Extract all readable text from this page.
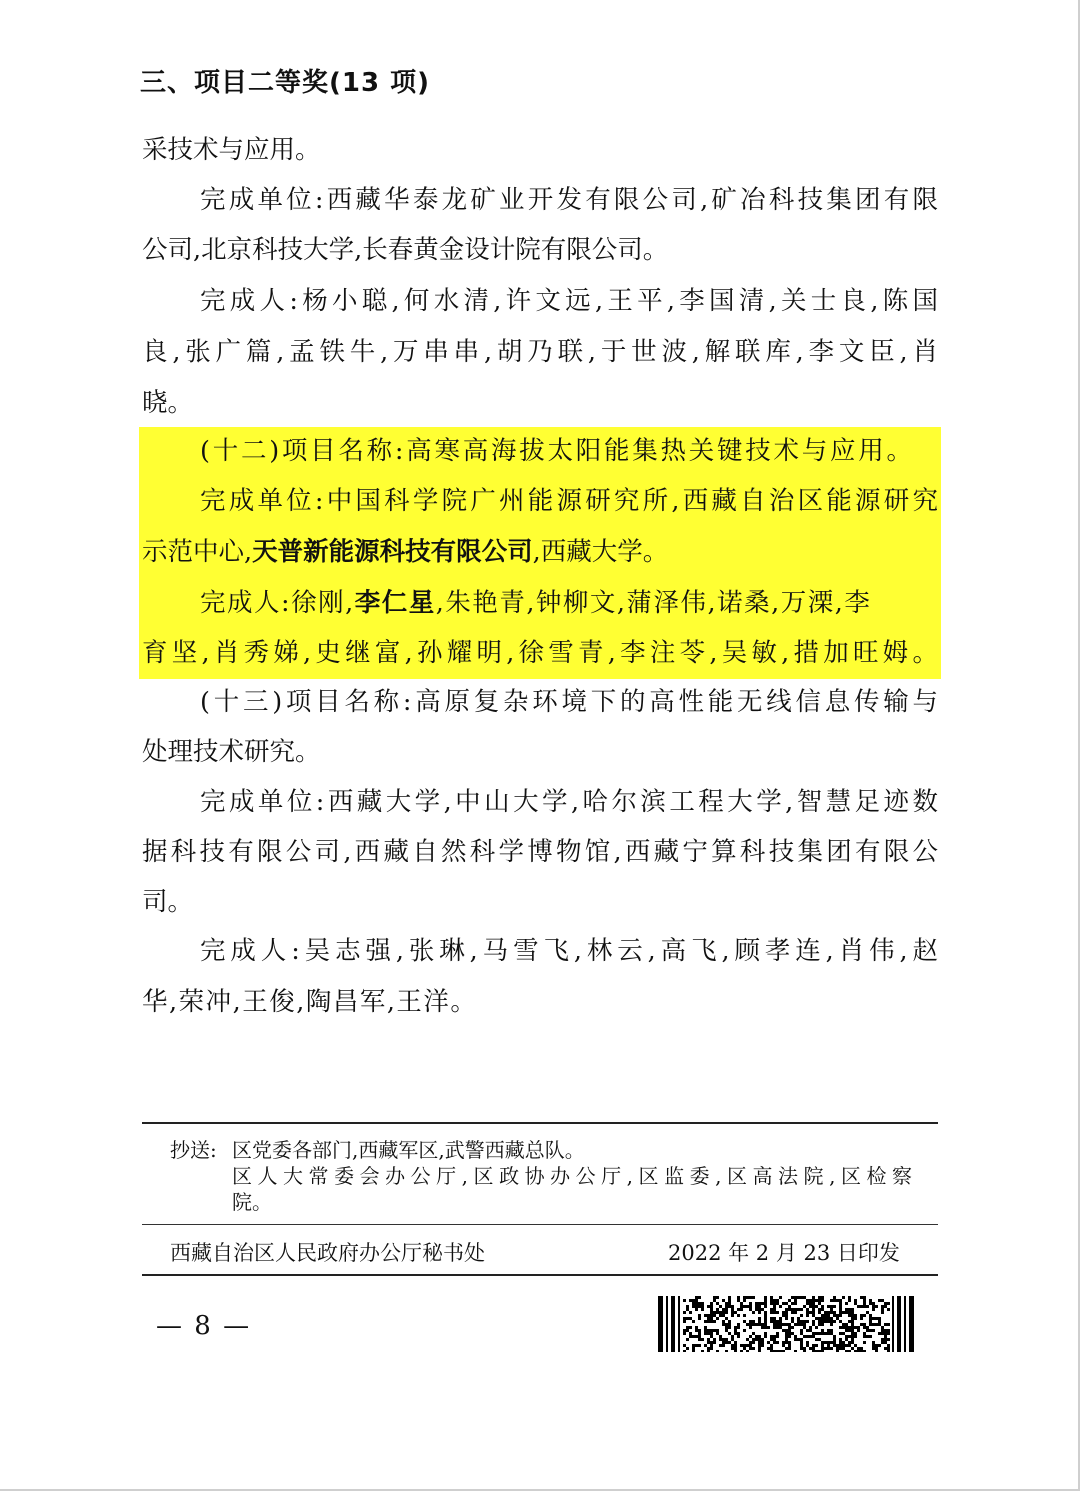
三、项目二等奖(13 项)
采技术与应用。
完成单位:西藏华泰龙矿业开发有限公司,矿冶科技集团有限
公司,北京科技大学,长春黄金设计院有限公司。
完成人:杨小聪,何水清,许文远,王平,李国清,关士良,陈国
良,张广篇,孟铁牛,万串串,胡乃联,于世波,解联库,李文臣,肖
晓。
(十二)项目名称:高寒高海拔太阳能集热关键技术与应用。
完成单位:中国科学院广州能源研究所,西藏自治区能源研究
示范中心,天普新能源科技有限公司,西藏大学。
完成人:徐刚,李仁星,朱艳青,钟柳文,蒲泽伟,诺桑,万溧,李
育坚,肖秀娣,史继富,孙耀明,徐雪青,李注苓,吴敏,措加旺姆。
(十三)项目名称:高原复杂环境下的高性能无线信息传输与
处理技术研究。
完成单位:西藏大学,中山大学,哈尔滨工程大学,智慧足迹数
据科技有限公司,西藏自然科学博物馆,西藏宁算科技集团有限公
司。
完成人:吴志强,张琳,马雪飞,林云,高飞,顾孝连,肖伟,赵
华,荣冲,王俊,陶昌军,王洋。
抄送: 区党委各部门,西藏军区,武警西藏总队。
区人大常委会办公厅,区政协办公厅,区监委,区高法院,区检察
院。
西藏自治区人民政府办公厅秘书处	2022 年 2 月 23 日印发
— 8 —
